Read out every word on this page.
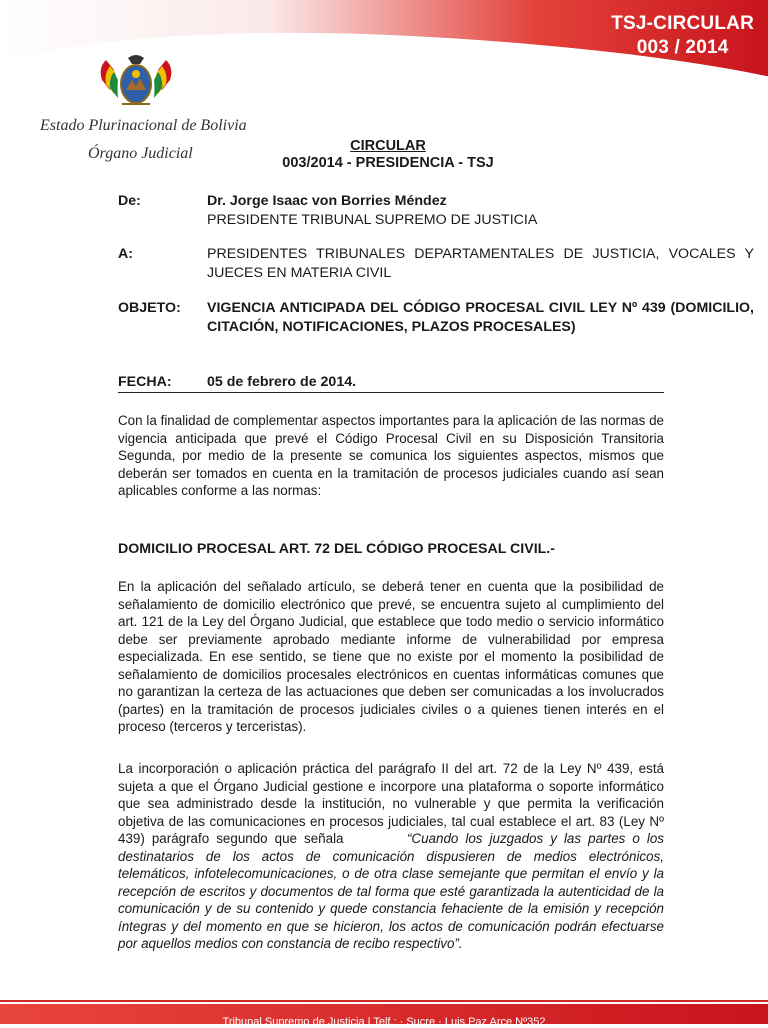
TSJ-CIRCULAR
003 / 2014
Estado Plurinacional de Bolivia
Órgano Judicial	CIRCULAR
003/2014 - PRESIDENCIA - TSJ
De:	Dr. Jorge Isaac von Borries Méndez
PRESIDENTE TRIBUNAL SUPREMO DE JUSTICIA
A:	PRESIDENTES TRIBUNALES DEPARTAMENTALES DE JUSTICIA, VOCALES Y JUECES EN MATERIA CIVIL
OBJETO: VIGENCIA ANTICIPADA DEL CÓDIGO PROCESAL CIVIL LEY Nº 439 (DOMICILIO, CITACIÓN, NOTIFICACIONES, PLAZOS PROCESALES)
FECHA: 05 de febrero de 2014.
Con la finalidad de complementar aspectos importantes para la aplicación de las normas de vigencia anticipada que prevé el Código Procesal Civil en su Disposición Transitoria Segunda, por medio de la presente se comunica los siguientes aspectos, mismos que deberán ser tomados en cuenta en la tramitación de procesos judiciales cuando así sean aplicables conforme a las normas:
DOMICILIO PROCESAL ART. 72 DEL CÓDIGO PROCESAL CIVIL.-
En la aplicación del señalado artículo, se deberá tener en cuenta que la posibilidad de señalamiento de domicilio electrónico que prevé, se encuentra sujeto al cumplimiento del art. 121 de la Ley del Órgano Judicial, que establece que todo medio o servicio informático debe ser previamente aprobado mediante informe de vulnerabilidad por empresa especializada. En ese sentido, se tiene que no existe por el momento la posibilidad de señalamiento de domicilios procesales electrónicos en cuentas informáticas comunes que no garantizan la certeza de las actuaciones que deben ser comunicadas a los involucrados (partes) en la tramitación de procesos judiciales civiles o a quienes tienen interés en el proceso (terceros y terceristas).
La incorporación o aplicación práctica del parágrafo II del art. 72 de la Ley Nº 439, está sujeta a que el Órgano Judicial gestione e incorpore una plataforma o soporte informático que sea administrado desde la institución, no vulnerable y que permita la verificación objetiva de las comunicaciones en procesos judiciales, tal cual establece el art. 83 (Ley Nº 439) parágrafo segundo que señala	“Cuando los juzgados y las partes o los destinatarios de los actos de comunicación dispusieren de medios electrónicos, telemáticos, infotelecomunicaciones, o de otra clase semejante que permitan el envío y la recepción de escritos y documentos de tal forma que esté garantizada la autenticidad de la comunicación y de su contenido y quede constancia fehaciente de la emisión y recepción íntegras y del momento en que se hicieron, los actos de comunicación podrán efectuarse por aquellos medios con constancia de recibo respectivo”.
Tribunal Supremo de Justicia | Telf.: · Sucre · Luis Paz Arce Nº352
